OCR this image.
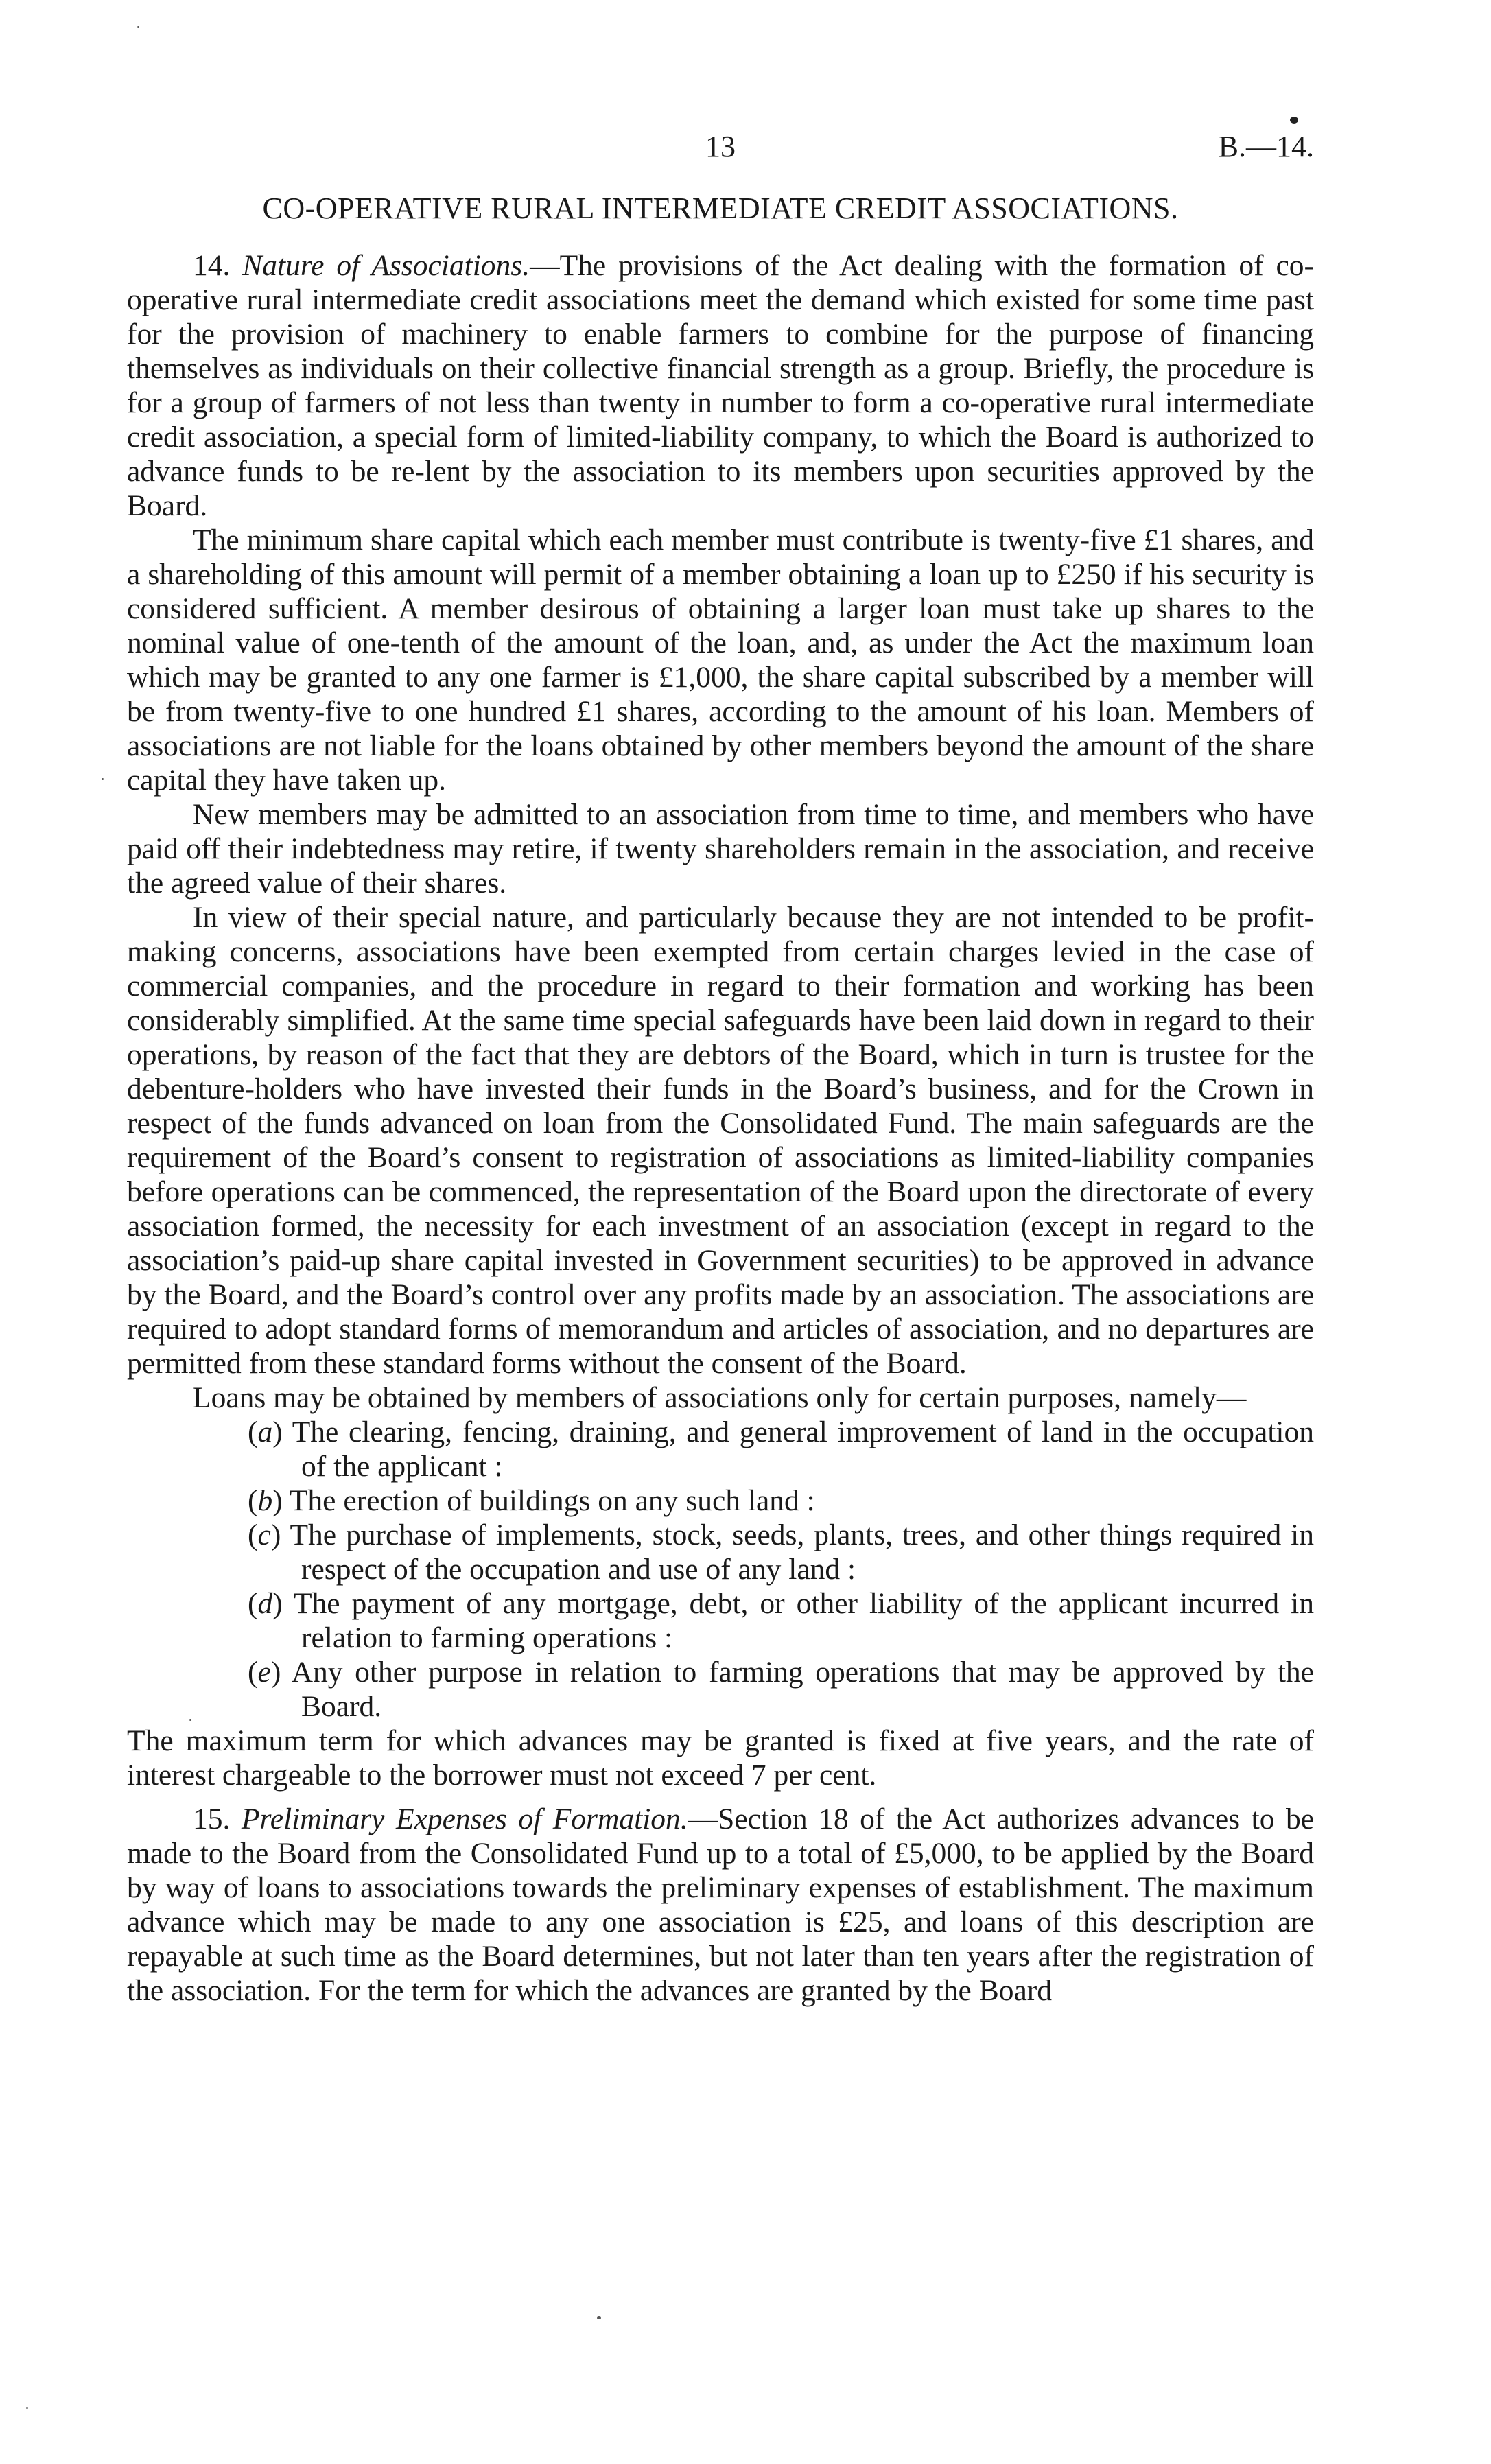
13	B.—14.
CO-OPERATIVE RURAL INTERMEDIATE CREDIT ASSOCIATIONS.

14. Nature of Associations.—The provisions of the Act dealing with the formation of co-operative rural intermediate credit associations meet the demand which existed for some time past for the provision of machinery to enable farmers to combine for the purpose of financing themselves as individuals on their collective financial strength as a group. Briefly, the procedure is for a group of farmers of not less than twenty in number to form a co-operative rural intermediate credit association, a special form of limited-liability company, to which the Board is authorized to advance funds to be re-lent by the association to its members upon securities approved by the Board.

The minimum share capital which each member must contribute is twenty-five £1 shares, and a shareholding of this amount will permit of a member obtaining a loan up to £250 if his security is considered sufficient. A member desirous of obtaining a larger loan must take up shares to the nominal value of one-tenth of the amount of the loan, and, as under the Act the maximum loan which may be granted to any one farmer is £1,000, the share capital subscribed by a member will be from twenty-five to one hundred £1 shares, according to the amount of his loan. Members of associations are not liable for the loans obtained by other members beyond the amount of the share capital they have taken up.

New members may be admitted to an association from time to time, and members who have paid off their indebtedness may retire, if twenty shareholders remain in the association, and receive the agreed value of their shares.

In view of their special nature, and particularly because they are not intended to be profit-making concerns, associations have been exempted from certain charges levied in the case of commercial companies, and the procedure in regard to their formation and working has been considerably simplified. At the same time special safeguards have been laid down in regard to their operations, by reason of the fact that they are debtors of the Board, which in turn is trustee for the debenture-holders who have invested their funds in the Board’s business, and for the Crown in respect of the funds advanced on loan from the Consolidated Fund. The main safeguards are the requirement of the Board’s consent to registration of associations as limited-liability companies before operations can be commenced, the representation of the Board upon the directorate of every association formed, the necessity for each investment of an association (except in regard to the association’s paid-up share capital invested in Government securities) to be approved in advance by the Board, and the Board’s control over any profits made by an association. The associations are required to adopt standard forms of memorandum and articles of association, and no departures are permitted from these standard forms without the consent of the Board.

Loans may be obtained by members of associations only for certain purposes, namely—

(a) The clearing, fencing, draining, and general improvement of land in the occupation of the applicant :

(b) The erection of buildings on any such land :

(c) The purchase of implements, stock, seeds, plants, trees, and other things required in respect of the occupation and use of any land :

(d) The payment of any mortgage, debt, or other liability of the applicant incurred in relation to farming operations :

(e) Any other purpose in relation to farming operations that may be approved by the Board.

The maximum term for which advances may be granted is fixed at five years, and the rate of interest chargeable to the borrower must not exceed 7 per cent.

15. Preliminary Expenses of Formation.—Section 18 of the Act authorizes advances to be made to the Board from the Consolidated Fund up to a total of £5,000, to be applied by the Board by way of loans to associations towards the preliminary expenses of establishment. The maximum advance which may be made to any one association is £25, and loans of this description are repayable at such time as the Board determines, but not later than ten years after the registration of the association. For the term for which the advances are granted by the Board
